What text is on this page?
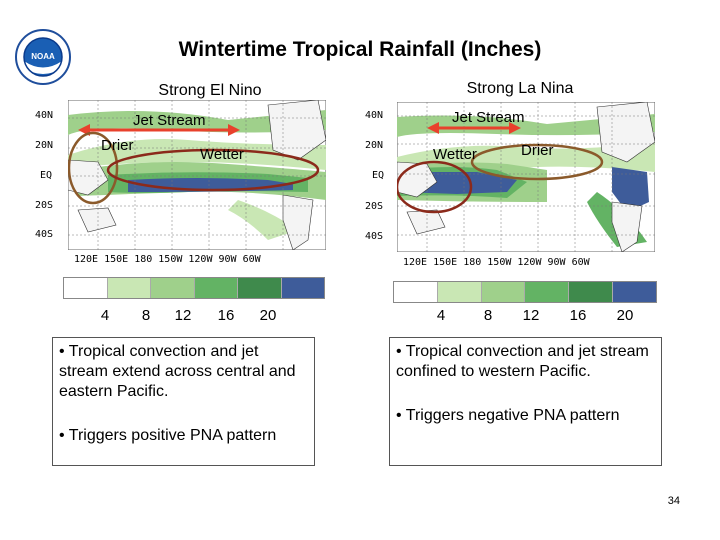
Wintertime Tropical Rainfall (Inches)
NOAA
Strong El Nino
Jet Stream
Drier
Wetter
40N
20N
EQ
20S
40S
120E 150E 180 150W 120W 90W 60W
4	8	12	16	20

• Tropical convection and jet stream extend across central and eastern Pacific.

• Triggers positive PNA pattern

Strong La Nina
Jet Stream
Wetter	Drier
40N
20N
EQ
20S
40S
120E 150E 180 150W 120W 90W 60W
4	8	12	16	20

• Tropical convection and jet stream confined to western Pacific.

• Triggers negative PNA pattern

34
